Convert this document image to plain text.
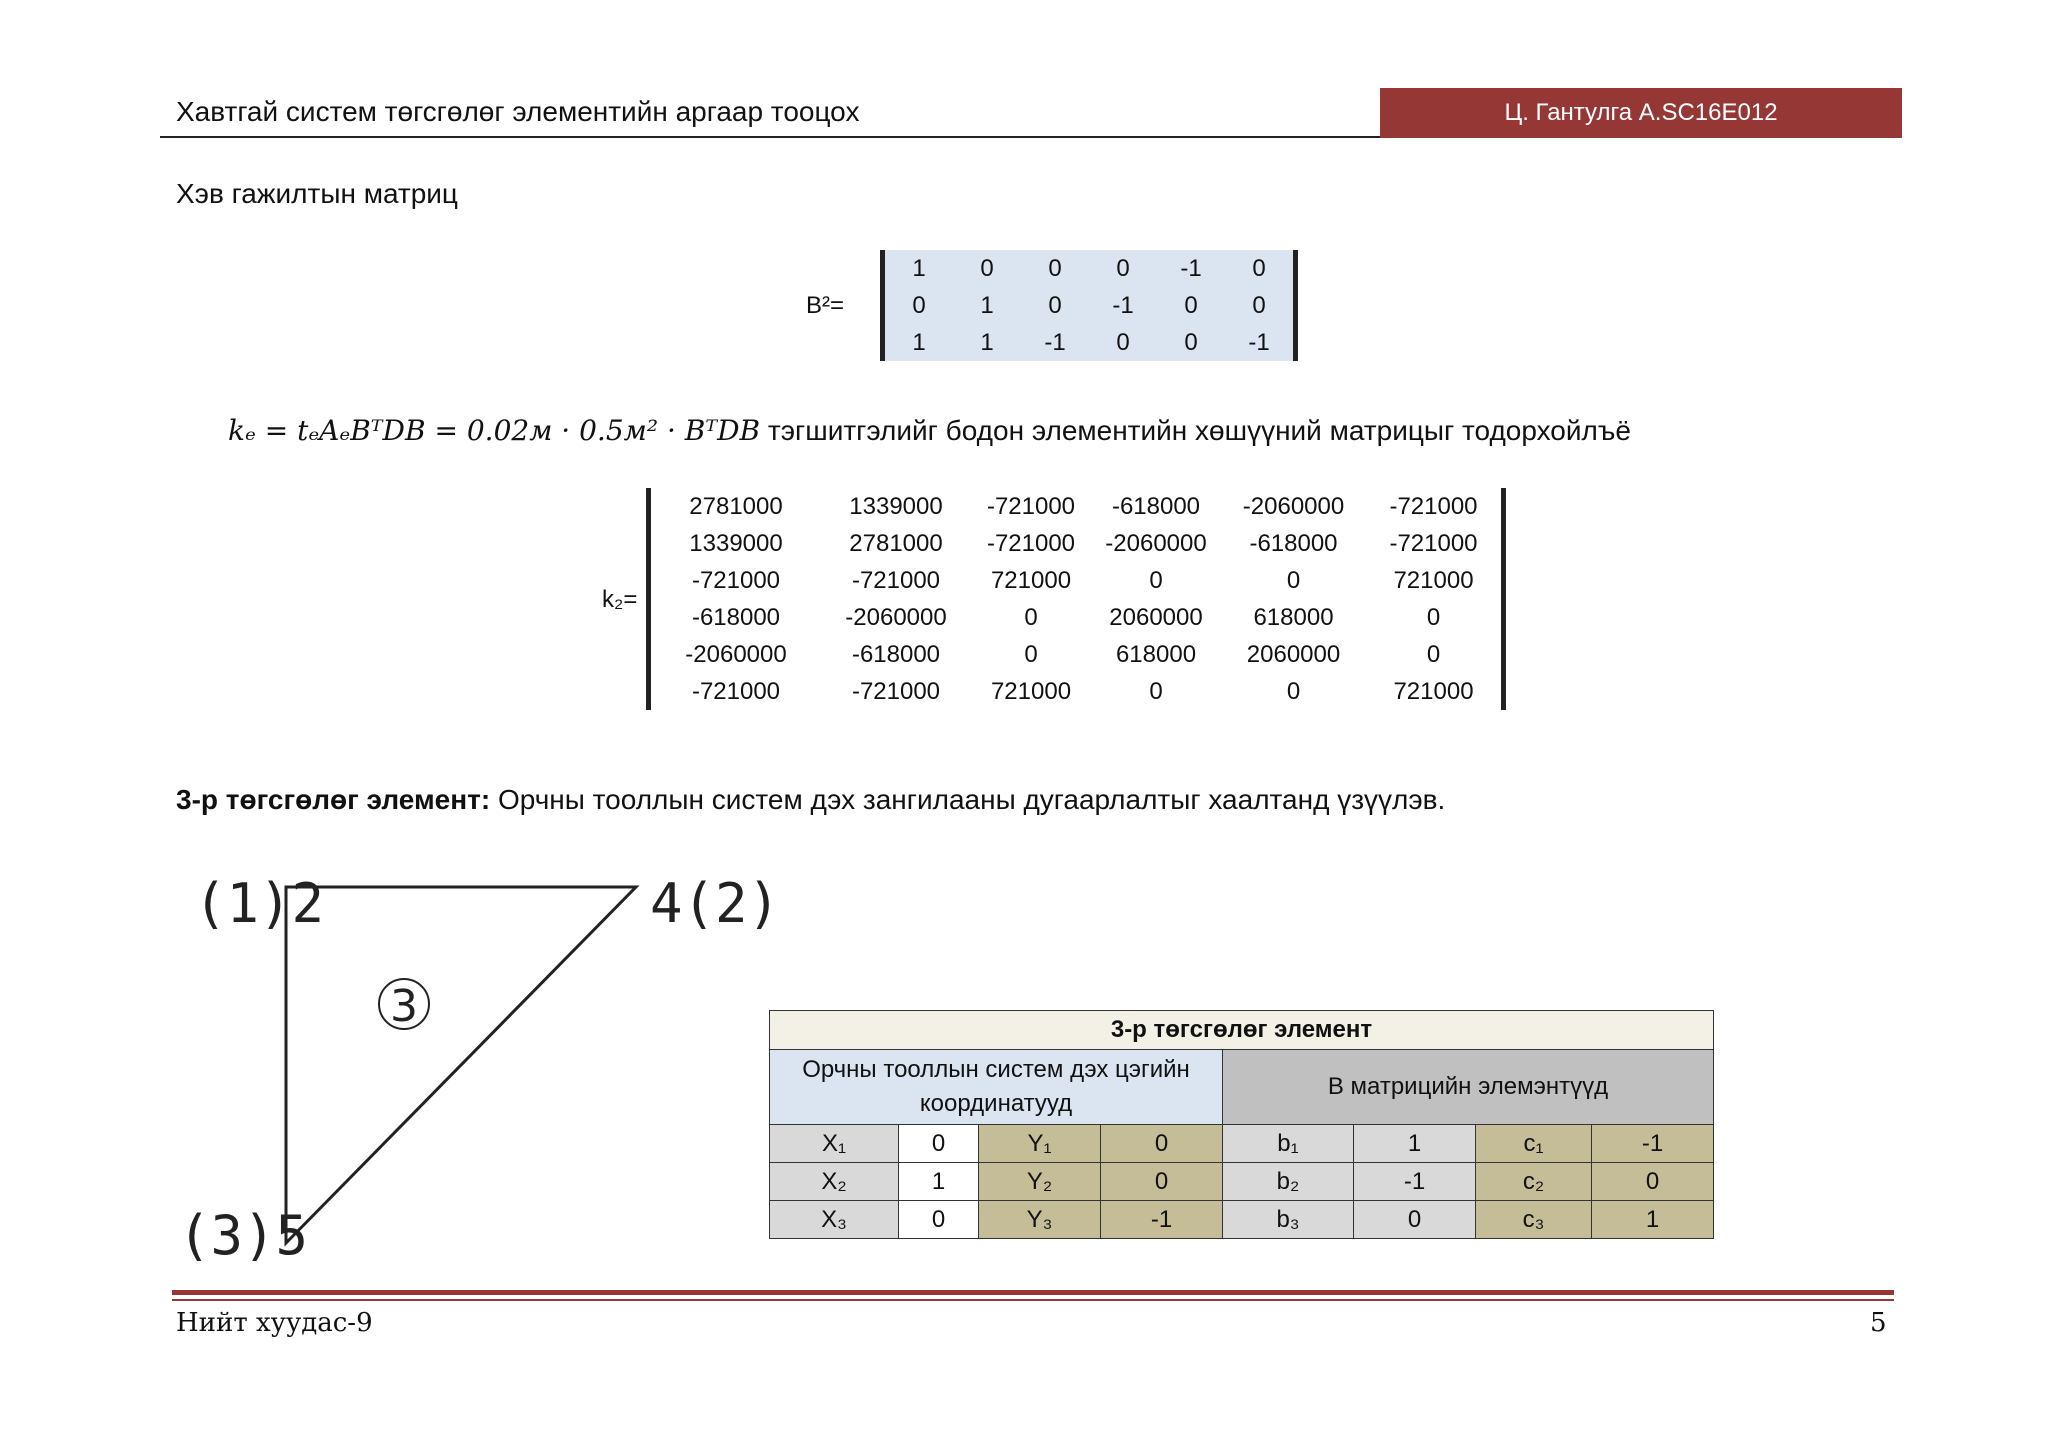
Хавтгай систем төгсгөлөг элементийн аргаар тооцох	Ц. Гантулга A.SC16E012
Хэв гажилтын матриц
B²=
1	0	0	0	-1	0
0	1	0	-1	0	0
1	1	-1	0	0	-1
kₑ = tₑAₑBᵀDB = 0.02м · 0.5м² · BᵀDB тэгшитгэлийг бодон элементийн хөшүүний матрицыг тодорхойлъё
k₂=
2781000	1339000	-721000	-618000	-2060000	-721000
1339000	2781000	-721000	-2060000	-618000	-721000
-721000	-721000	721000	0	0	721000
-618000	-2060000	0	2060000	618000	0
-2060000	-618000	0	618000	2060000	0
-721000	-721000	721000	0	0	721000
3-р төгсгөлөг элемент: Орчны тооллын систем дэх зангилааны дугаарлалтыг хаалтанд үзүүлэв.
(1)2	4(2)
(3)5
3	3-р төгсгөлөг элемент							
Орчны тооллын систем дэх цэгийн координатууд				B матрицийн элемэнтүүд			
X₁	0	Y₁	0	b₁	1	c₁	-1
X₂	1	Y₂	0	b₂	-1	c₂	0
X₃	0	Y₃	-1	b₃	0	c₃	1
Нийт хуудас-9	5
